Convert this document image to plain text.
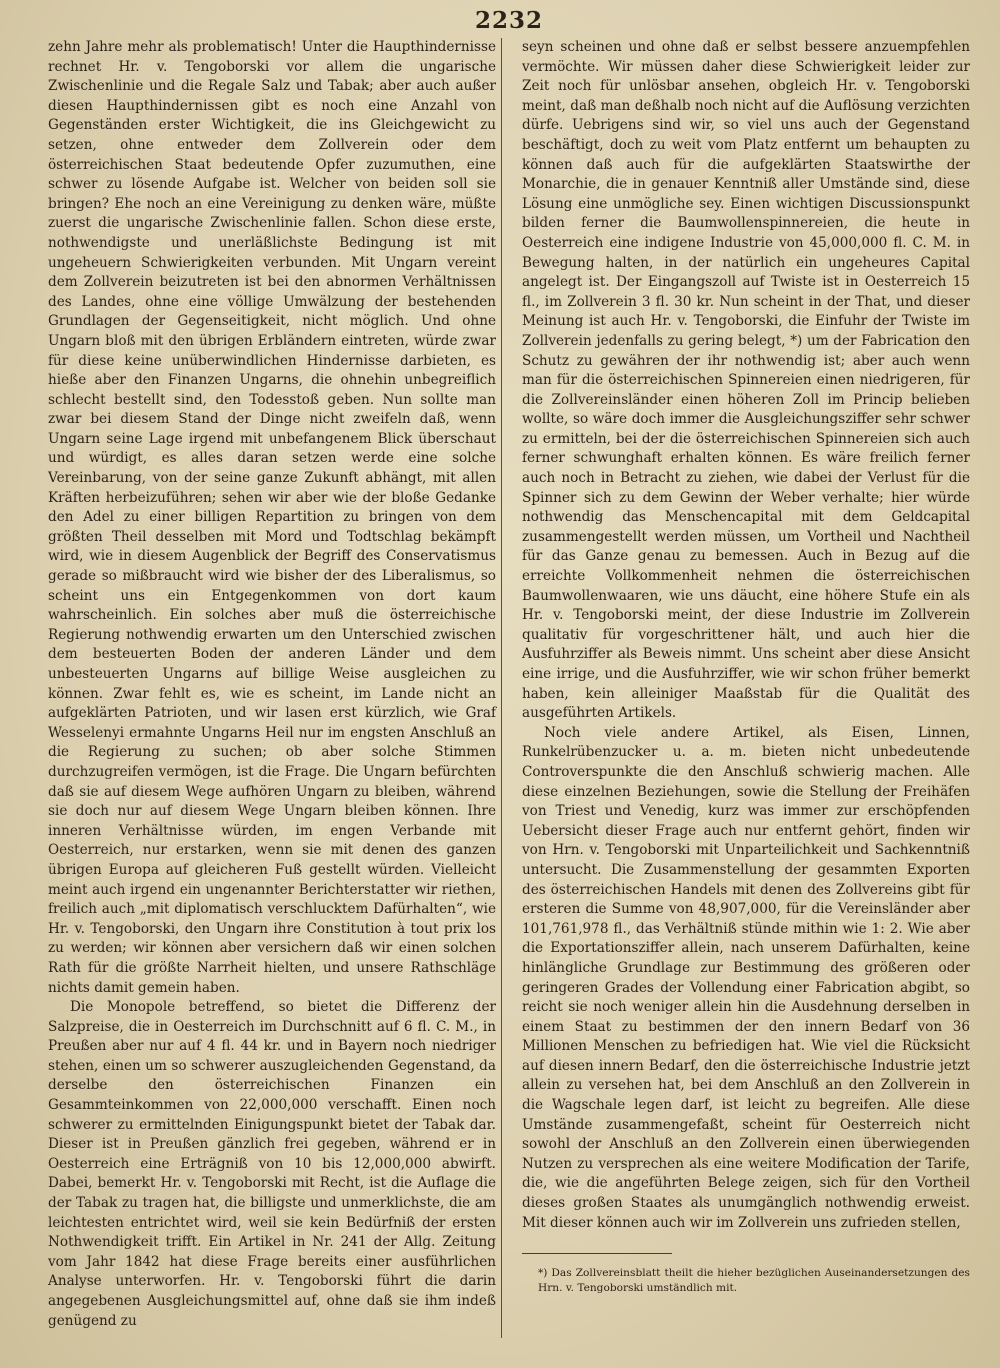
2232

zehn Jahre mehr als problematisch! Unter die Haupthindernisse rechnet Hr. v. Tengoborski vor allem die ungarische Zwischenlinie und die Regale Salz und Tabak; aber auch außer diesen Haupthindernissen gibt es noch eine Anzahl von Gegenständen erster Wichtigkeit, die ins Gleichgewicht zu setzen, ohne entweder dem Zollverein oder dem österreichischen Staat bedeutende Opfer zuzumuthen, eine schwer zu lösende Aufgabe ist. Welcher von beiden soll sie bringen? Ehe noch an eine Vereinigung zu denken wäre, müßte zuerst die ungarische Zwischenlinie fallen. Schon diese erste, nothwendigste und unerläßlichste Bedingung ist mit ungeheuern Schwierigkeiten verbunden. Mit Ungarn vereint dem Zollverein beizutreten ist bei den abnormen Verhältnissen des Landes, ohne eine völlige Umwälzung der bestehenden Grundlagen der Gegenseitigkeit, nicht möglich. Und ohne Ungarn bloß mit den übrigen Erbländern eintreten, würde zwar für diese keine unüberwindlichen Hindernisse darbieten, es hieße aber den Finanzen Ungarns, die ohnehin unbegreiflich schlecht bestellt sind, den Todesstoß geben. Nun sollte man zwar bei diesem Stand der Dinge nicht zweifeln daß, wenn Ungarn seine Lage irgend mit unbefangenem Blick überschaut und würdigt, es alles daran setzen werde eine solche Vereinbarung, von der seine ganze Zukunft abhängt, mit allen Kräften herbeizuführen; sehen wir aber wie der bloße Gedanke den Adel zu einer billigen Repartition zu bringen von dem größten Theil desselben mit Mord und Todtschlag bekämpft wird, wie in diesem Augenblick der Begriff des Conservatismus gerade so mißbraucht wird wie bisher der des Liberalismus, so scheint uns ein Entgegenkommen von dort kaum wahrscheinlich. Ein solches aber muß die österreichische Regierung nothwendig erwarten um den Unterschied zwischen dem besteuerten Boden der anderen Länder und dem unbesteuerten Ungarns auf billige Weise ausgleichen zu können. Zwar fehlt es, wie es scheint, im Lande nicht an aufgeklärten Patrioten, und wir lasen erst kürzlich, wie Graf Wesselenyi ermahnte Ungarns Heil nur im engsten Anschluß an die Regierung zu suchen; ob aber solche Stimmen durchzugreifen vermögen, ist die Frage. Die Ungarn befürchten daß sie auf diesem Wege aufhören Ungarn zu bleiben, während sie doch nur auf diesem Wege Ungarn bleiben können. Ihre inneren Verhältnisse würden, im engen Verbande mit Oesterreich, nur erstarken, wenn sie mit denen des ganzen übrigen Europa auf gleicheren Fuß gestellt würden. Vielleicht meint auch irgend ein ungenannter Berichterstatter wir riethen, freilich auch „mit diplomatisch verschlucktem Dafürhalten“, wie Hr. v. Tengoborski, den Ungarn ihre Constitution à tout prix los zu werden; wir können aber versichern daß wir einen solchen Rath für die größte Narrheit hielten, und unsere Rathschläge nichts damit gemein haben.

Die Monopole betreffend, so bietet die Differenz der Salzpreise, die in Oesterreich im Durchschnitt auf 6 fl. C. M., in Preußen aber nur auf 4 fl. 44 kr. und in Bayern noch niedriger stehen, einen um so schwerer auszugleichenden Gegenstand, da derselbe den österreichischen Finanzen ein Gesammteinkommen von 22,000,000 verschafft. Einen noch schwerer zu ermittelnden Einigungspunkt bietet der Tabak dar. Dieser ist in Preußen gänzlich frei gegeben, während er in Oesterreich eine Erträgniß von 10 bis 12,000,000 abwirft. Dabei, bemerkt Hr. v. Tengoborski mit Recht, ist die Auflage die der Tabak zu tragen hat, die billigste und unmerklichste, die am leichtesten entrichtet wird, weil sie kein Bedürfniß der ersten Nothwendigkeit trifft. Ein Artikel in Nr. 241 der Allg. Zeitung vom Jahr 1842 hat diese Frage bereits einer ausführlichen Analyse unterworfen. Hr. v. Tengoborski führt die darin angegebenen Ausgleichungsmittel auf, ohne daß sie ihm indeß genügend zu

seyn scheinen und ohne daß er selbst bessere anzuempfehlen vermöchte. Wir müssen daher diese Schwierigkeit leider zur Zeit noch für unlösbar ansehen, obgleich Hr. v. Tengoborski meint, daß man deßhalb noch nicht auf die Auflösung verzichten dürfe. Uebrigens sind wir, so viel uns auch der Gegenstand beschäftigt, doch zu weit vom Platz entfernt um behaupten zu können daß auch für die aufgeklärten Staatswirthe der Monarchie, die in genauer Kenntniß aller Umstände sind, diese Lösung eine unmögliche sey. Einen wichtigen Discussionspunkt bilden ferner die Baumwollenspinnereien, die heute in Oesterreich eine indigene Industrie von 45,000,000 fl. C. M. in Bewegung halten, in der natürlich ein ungeheures Capital angelegt ist. Der Eingangszoll auf Twiste ist in Oesterreich 15 fl., im Zollverein 3 fl. 30 kr. Nun scheint in der That, und dieser Meinung ist auch Hr. v. Tengoborski, die Einfuhr der Twiste im Zollverein jedenfalls zu gering belegt, *) um der Fabrication den Schutz zu gewähren der ihr nothwendig ist; aber auch wenn man für die österreichischen Spinnereien einen niedrigeren, für die Zollvereinsländer einen höheren Zoll im Princip belieben wollte, so wäre doch immer die Ausgleichungsziffer sehr schwer zu ermitteln, bei der die österreichischen Spinnereien sich auch ferner schwunghaft erhalten können. Es wäre freilich ferner auch noch in Betracht zu ziehen, wie dabei der Verlust für die Spinner sich zu dem Gewinn der Weber verhalte; hier würde nothwendig das Menschencapital mit dem Geldcapital zusammengestellt werden müssen, um Vortheil und Nachtheil für das Ganze genau zu bemessen. Auch in Bezug auf die erreichte Vollkommenheit nehmen die österreichischen Baumwollenwaaren, wie uns däucht, eine höhere Stufe ein als Hr. v. Tengoborski meint, der diese Industrie im Zollverein qualitativ für vorgeschrittener hält, und auch hier die Ausfuhrziffer als Beweis nimmt. Uns scheint aber diese Ansicht eine irrige, und die Ausfuhrziffer, wie wir schon früher bemerkt haben, kein alleiniger Maaßstab für die Qualität des ausgeführten Artikels.

Noch viele andere Artikel, als Eisen, Linnen, Runkelrübenzucker u. a. m. bieten nicht unbedeutende Controverspunkte die den Anschluß schwierig machen. Alle diese einzelnen Beziehungen, sowie die Stellung der Freihäfen von Triest und Venedig, kurz was immer zur erschöpfenden Uebersicht dieser Frage auch nur entfernt gehört, finden wir von Hrn. v. Tengoborski mit Unparteilichkeit und Sachkenntniß untersucht. Die Zusammenstellung der gesammten Exporten des österreichischen Handels mit denen des Zollvereins gibt für ersteren die Summe von 48,907,000, für die Vereinsländer aber 101,761,978 fl., das Verhältniß stünde mithin wie 1: 2. Wie aber die Exportationsziffer allein, nach unserem Dafürhalten, keine hinlängliche Grundlage zur Bestimmung des größeren oder geringeren Grades der Vollendung einer Fabrication abgibt, so reicht sie noch weniger allein hin die Ausdehnung derselben in einem Staat zu bestimmen der den innern Bedarf von 36 Millionen Menschen zu befriedigen hat. Wie viel die Rücksicht auf diesen innern Bedarf, den die österreichische Industrie jetzt allein zu versehen hat, bei dem Anschluß an den Zollverein in die Wagschale legen darf, ist leicht zu begreifen. Alle diese Umstände zusammengefaßt, scheint für Oesterreich nicht sowohl der Anschluß an den Zollverein einen überwiegenden Nutzen zu versprechen als eine weitere Modification der Tarife, die, wie die angeführten Belege zeigen, sich für den Vortheil dieses großen Staates als unumgänglich nothwendig erweist. Mit dieser können auch wir im Zollverein uns zufrieden stellen,

*) Das Zollvereinsblatt theilt die hieher bezüglichen Auseinandersetzungen des Hrn. v. Tengoborski umständlich mit.
